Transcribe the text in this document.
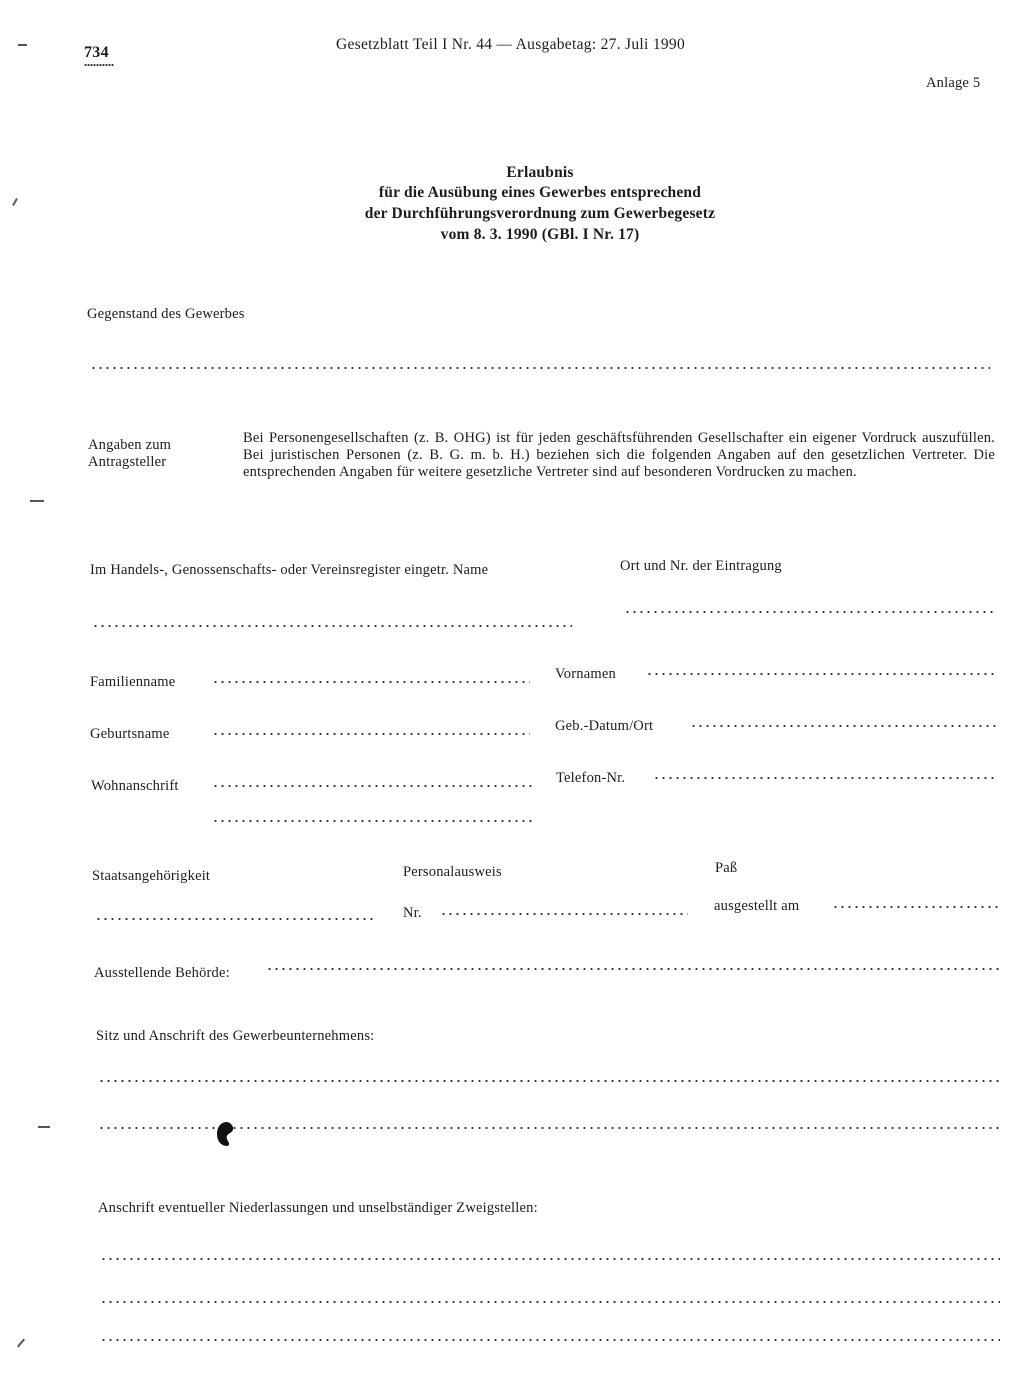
734	Gesetzblatt Teil I Nr. 44 — Ausgabetag: 27. Juli 1990
Anlage 5
Erlaubnis
für die Ausübung eines Gewerbes entsprechend
der Durchführungsverordnung zum Gewerbegesetz
vom 8. 3. 1990 (GBl. I Nr. 17)
Gegenstand des Gewerbes
Angaben zum
Antragsteller
Bei Personengesellschaften (z. B. OHG) ist für jeden geschäftsführenden Gesellschafter ein eigener Vordruck auszufüllen. Bei juristischen Personen (z. B. G. m. b. H.) beziehen sich die folgenden Angaben auf den gesetzlichen Vertreter. Die entsprechenden Angaben für weitere gesetzliche Vertreter sind auf besonderen Vordrucken zu machen.
Im Handels-, Genossenschafts- oder Vereinsregister eingetr. Name	Ort und Nr. der Eintragung
Familienname	Vornamen
Geburtsname	Geb.-Datum/Ort
Wohnanschrift	Telefon-Nr.
Staatsangehörigkeit	Personalausweis	Paß
Nr.	ausgestellt am
Ausstellende Behörde:
Sitz und Anschrift des Gewerbeunternehmens:
Anschrift eventueller Niederlassungen und unselbständiger Zweigstellen:
